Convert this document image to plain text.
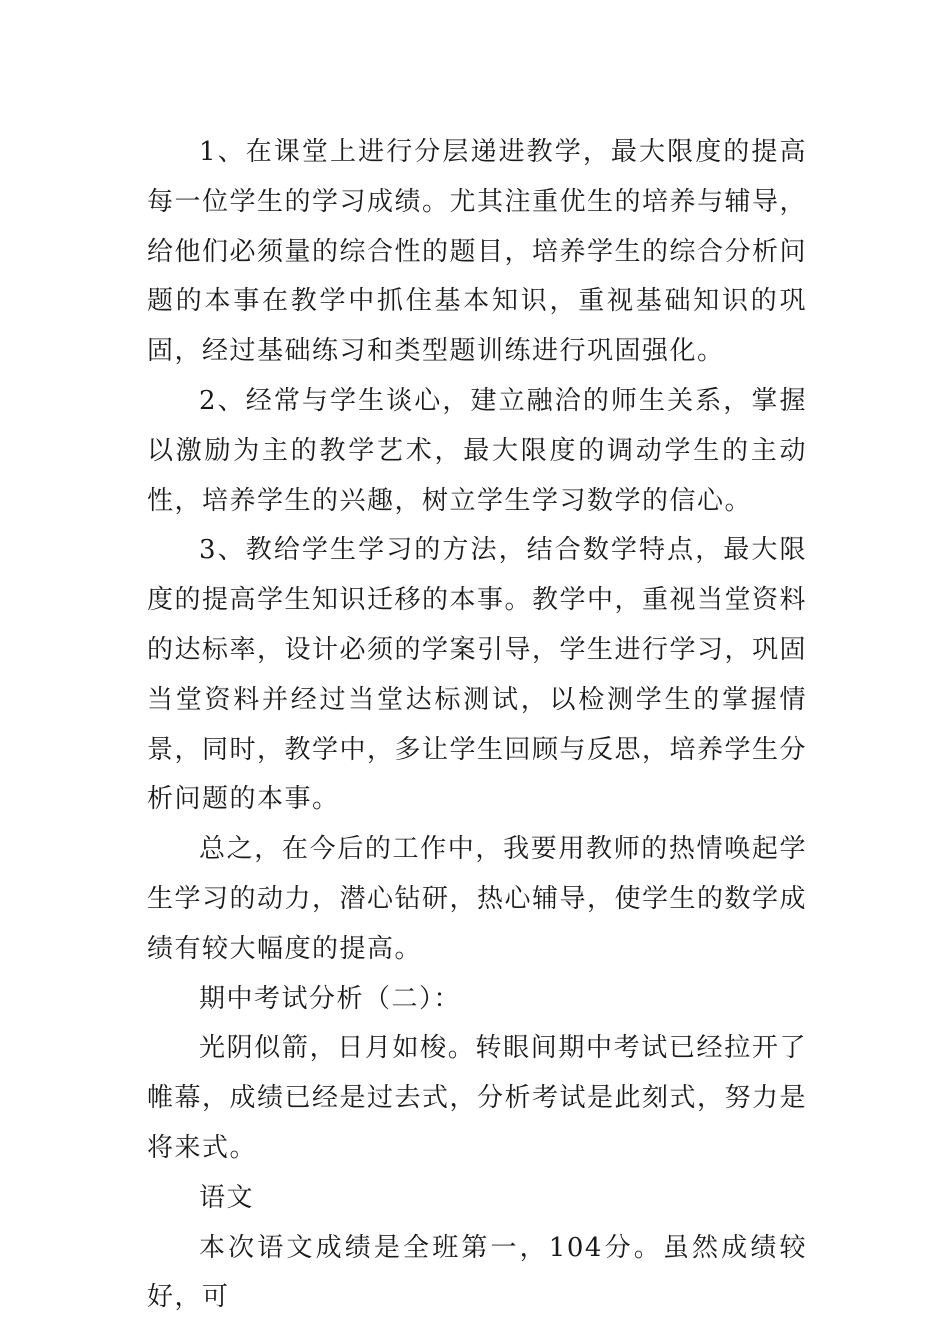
1、在课堂上进行分层递进教学，最大限度的提高每一位学生的学习成绩。尤其注重优生的培养与辅导，给他们必须量的综合性的题目，培养学生的综合分析问题的本事在教学中抓住基本知识，重视基础知识的巩固，经过基础练习和类型题训练进行巩固强化。

2、经常与学生谈心，建立融洽的师生关系，掌握以激励为主的教学艺术，最大限度的调动学生的主动性，培养学生的兴趣，树立学生学习数学的信心。

3、教给学生学习的方法，结合数学特点，最大限度的提高学生知识迁移的本事。教学中，重视当堂资料的达标率，设计必须的学案引导，学生进行学习，巩固当堂资料并经过当堂达标测试，以检测学生的掌握情景，同时，教学中，多让学生回顾与反思，培养学生分析问题的本事。

总之，在今后的工作中，我要用教师的热情唤起学生学习的动力，潜心钻研，热心辅导，使学生的数学成绩有较大幅度的提高。

期中考试分析（二）：

光阴似箭，日月如梭。转眼间期中考试已经拉开了帷幕，成绩已经是过去式，分析考试是此刻式，努力是将来式。

语文

本次语文成绩是全班第一，104分。虽然成绩较好，可
